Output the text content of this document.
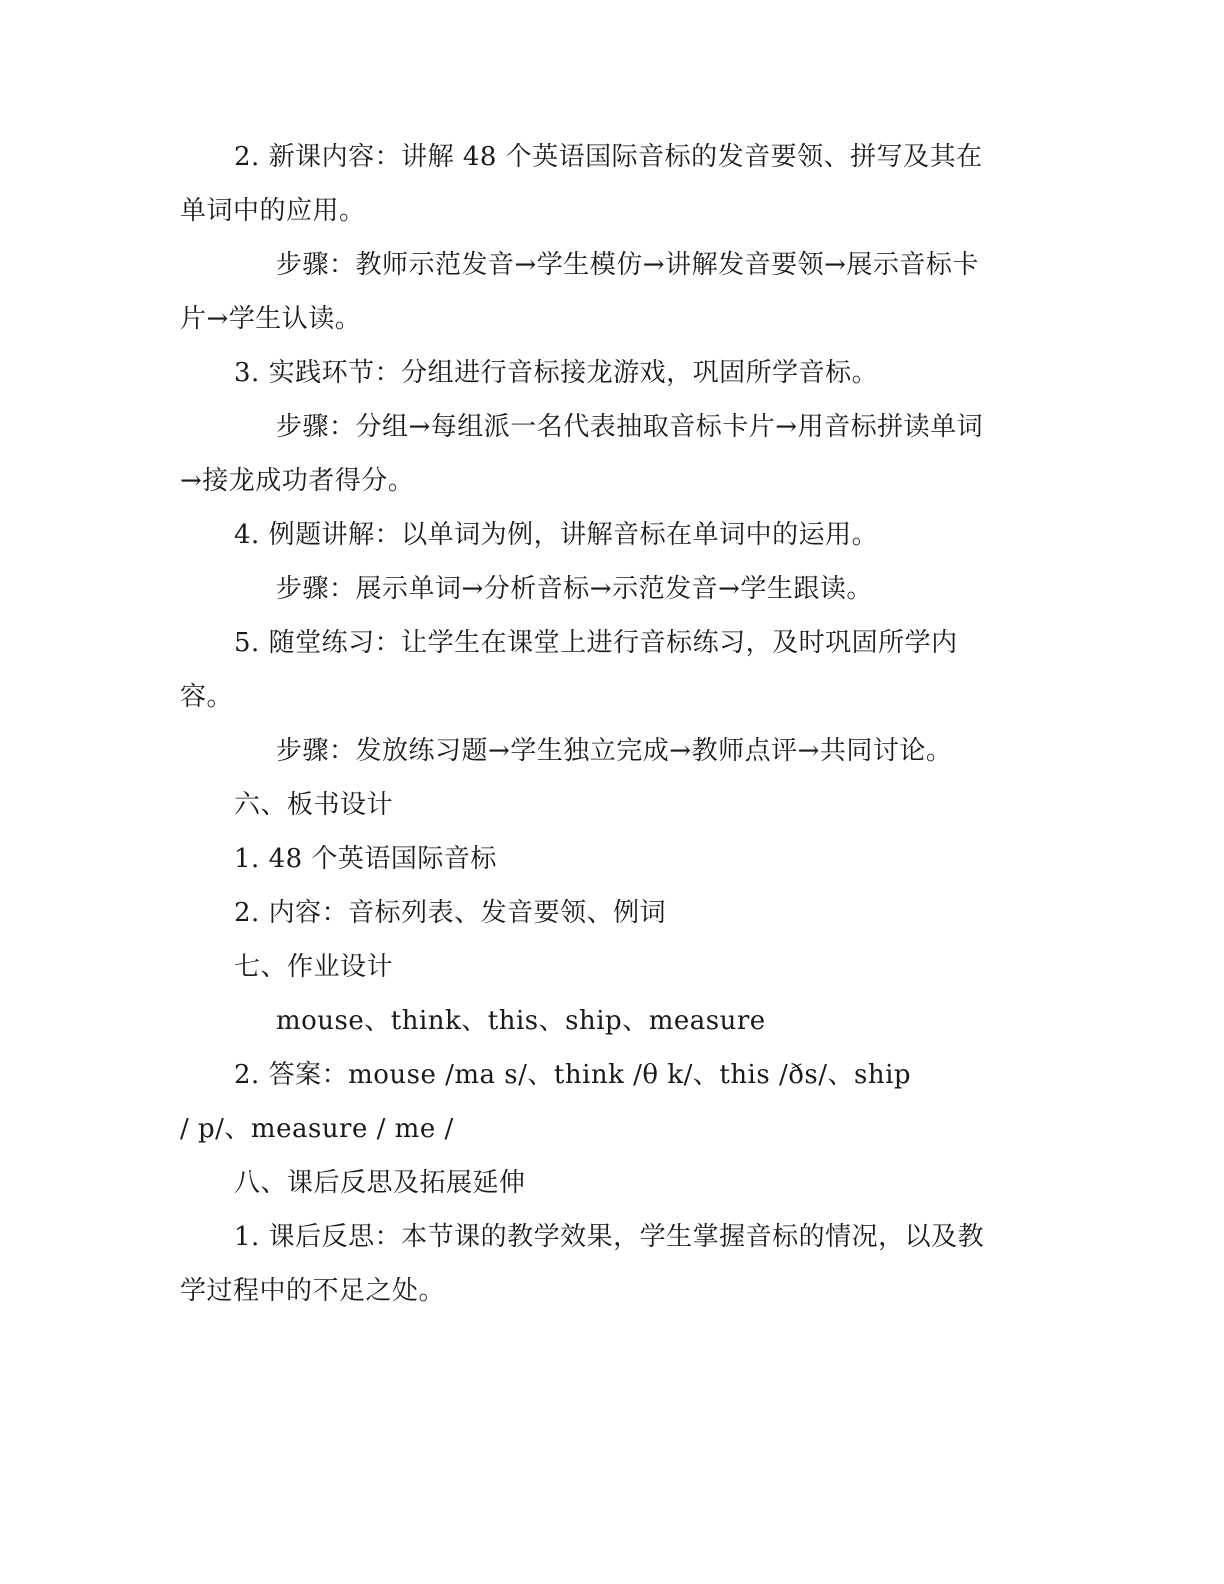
2. 新课内容：讲解 48 个英语国际音标的发音要领、拼写及其在
单词中的应用。
步骤：教师示范发音→学生模仿→讲解发音要领→展示音标卡
片→学生认读。
3. 实践环节：分组进行音标接龙游戏，巩固所学音标。
步骤：分组→每组派一名代表抽取音标卡片→用音标拼读单词
→接龙成功者得分。
4. 例题讲解：以单词为例，讲解音标在单词中的运用。
步骤：展示单词→分析音标→示范发音→学生跟读。
5. 随堂练习：让学生在课堂上进行音标练习，及时巩固所学内
容。
步骤：发放练习题→学生独立完成→教师点评→共同讨论。
六、板书设计
1. 48 个英语国际音标
2. 内容：音标列表、发音要领、例词
七、作业设计
mouse、think、this、ship、measure
2. 答案：mouse /ma s/、think /θ k/、this /ðs/、ship
/ p/、measure / me /
八、课后反思及拓展延伸
1. 课后反思：本节课的教学效果，学生掌握音标的情况，以及教
学过程中的不足之处。
